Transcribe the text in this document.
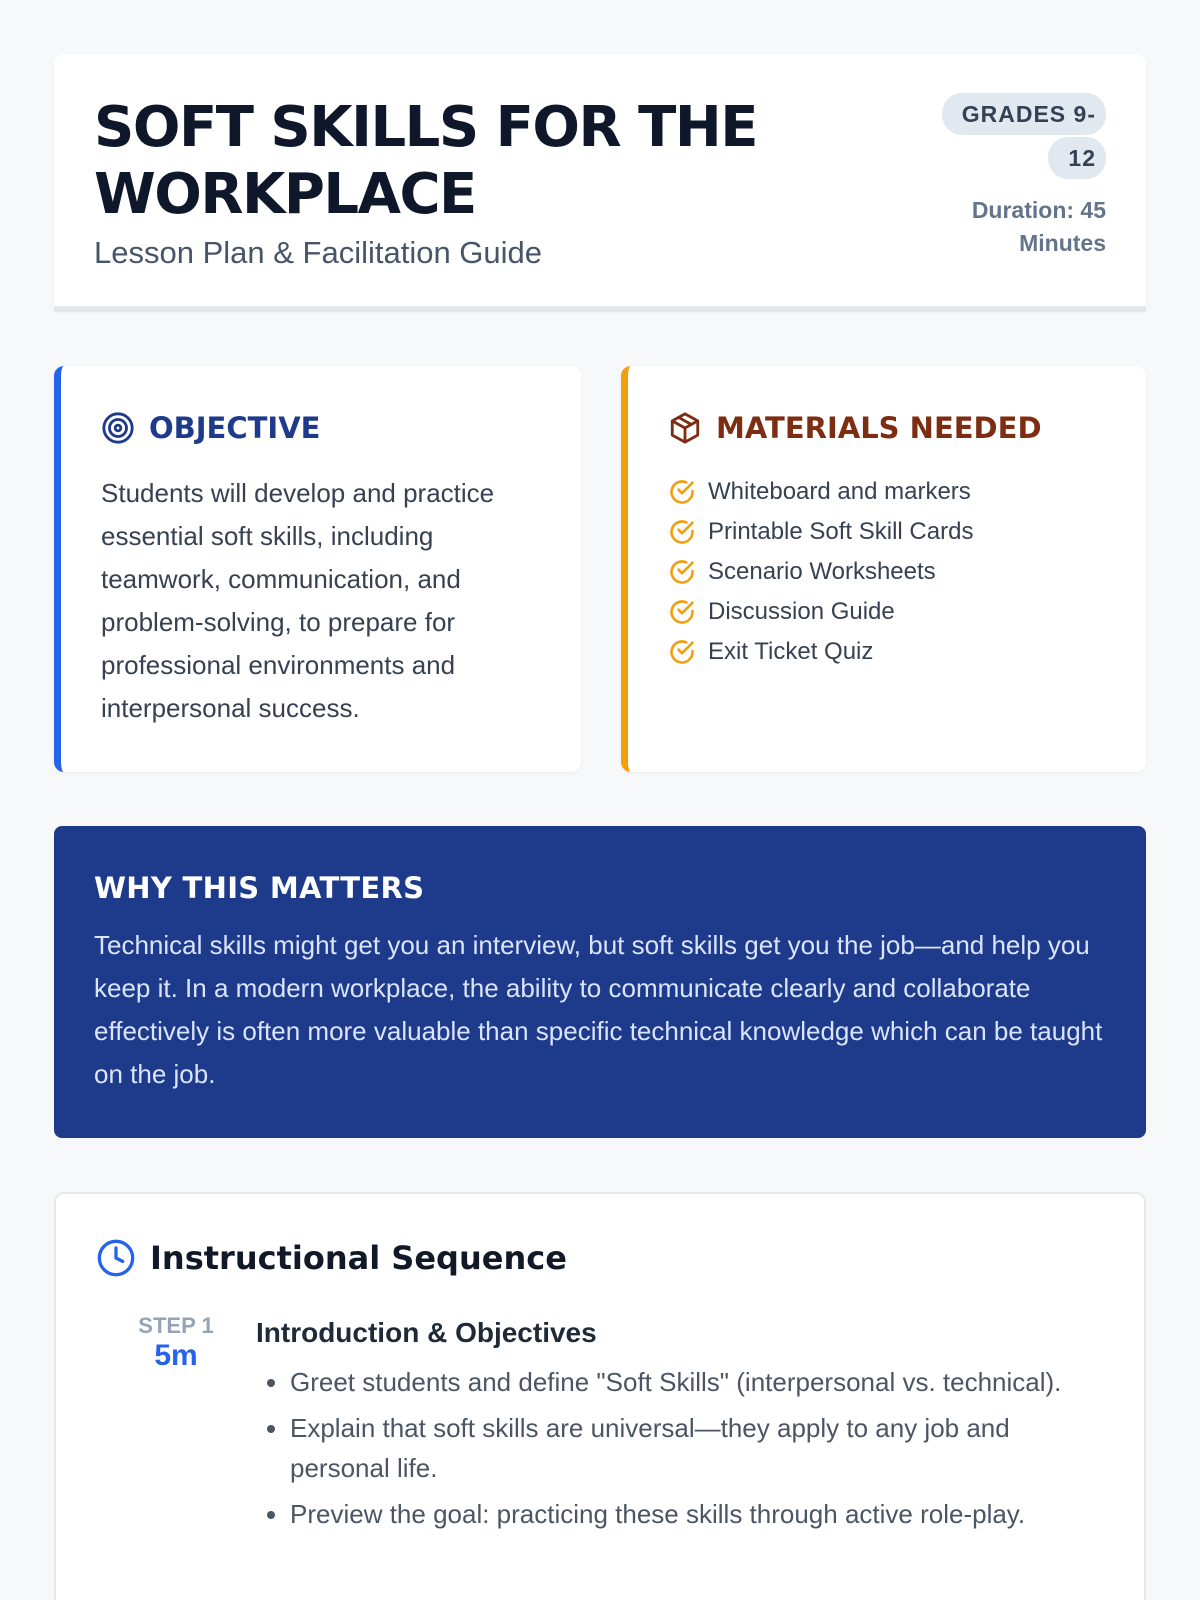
SOFT SKILLS FOR THE WORKPLACE
Lesson Plan & Facilitation Guide
GRADES 9-12
Duration: 45 Minutes
OBJECTIVE

Students will develop and practice essential soft skills, including teamwork, communication, and problem-solving, to prepare for professional environments and interpersonal success.

MATERIALS NEEDED
Whiteboard and markers
Printable Soft Skill Cards
Scenario Worksheets
Discussion Guide
Exit Ticket Quiz
WHY THIS MATTERS

Technical skills might get you an interview, but soft skills get you the job—and help you keep it. In a modern workplace, the ability to communicate clearly and collaborate effectively is often more valuable than specific technical knowledge which can be taught on the job.

Instructional Sequence
STEP 1
5m
Introduction & Objectives
• Greet students and define "Soft Skills" (interpersonal vs. technical).
• Explain that soft skills are universal—they apply to any job and personal life.
• Preview the goal: practicing these skills through active role-play.
